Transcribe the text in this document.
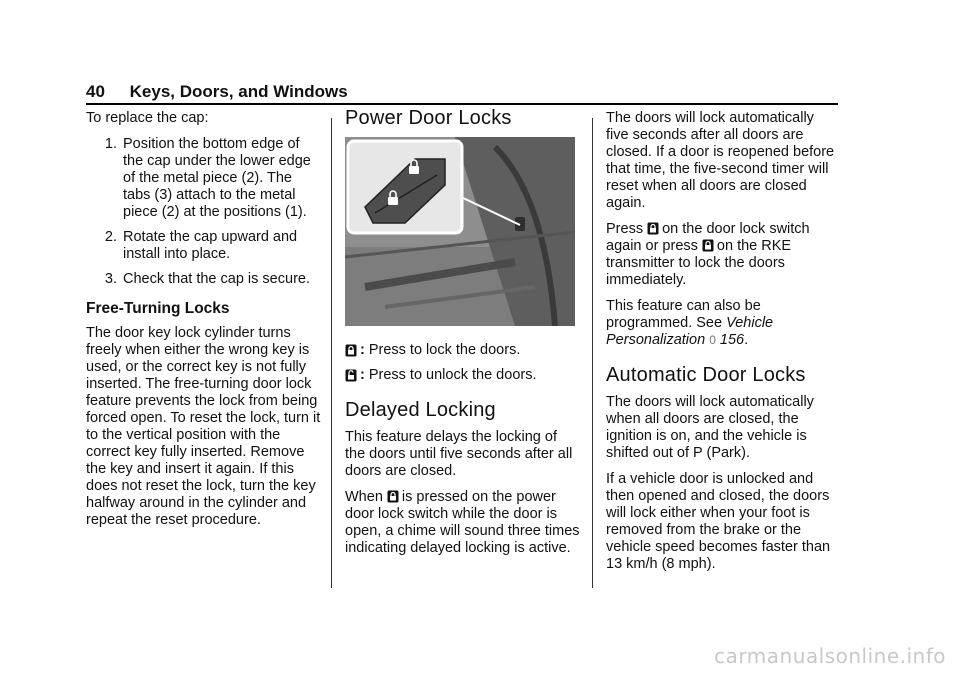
40 Keys, Doors, and Windows

To replace the cap:

1. Position the bottom edge of the cap under the lower edge of the metal piece (2). The tabs (3) attach to the metal piece (2) at the positions (1).
2. Rotate the cap upward and install into place.
3. Check that the cap is secure.
Free-Turning Locks

The door key lock cylinder turns freely when either the wrong key is used, or the correct key is not fully inserted. The free-turning door lock feature prevents the lock from being forced open. To reset the lock, turn it to the vertical position with the correct key fully inserted. Remove the key and insert it again. If this does not reset the lock, turn the key halfway around in the cylinder and repeat the reset procedure.

Power Door Locks
: Press to lock the doors.
: Press to unlock the doors.
Delayed Locking

This feature delays the locking of the doors until five seconds after all doors are closed.

When is pressed on the power door lock switch while the door is open, a chime will sound three times indicating delayed locking is active.

The doors will lock automatically five seconds after all doors are closed. If a door is reopened before that time, the five-second timer will reset when all doors are closed again.

Press on the door lock switch again or press on the RKE transmitter to lock the doors immediately.

This feature can also be programmed. See Vehicle Personalization 0 156.

Automatic Door Locks

The doors will lock automatically when all doors are closed, the ignition is on, and the vehicle is shifted out of P (Park).

If a vehicle door is unlocked and then opened and closed, the doors will lock either when your foot is removed from the brake or the vehicle speed becomes faster than 13 km/h (8 mph).

carmanualsonline.info
